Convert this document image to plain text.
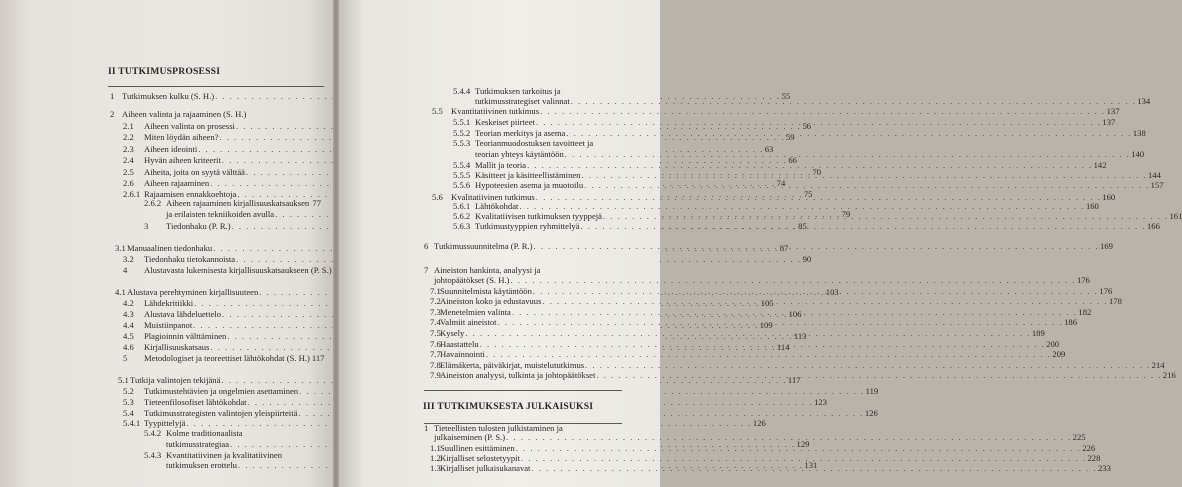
II TUTKIMUSPROSESSI
1 Tutkimuksen kulku (S. H.) . . .	55
2 Aiheen valinta ja rajaaminen (S. H.)
2.1	Aiheen valinta on prosessi . . .	56
2.2	Miten löydän aiheen? . . .	59
2.3	Aiheen ideointi . . .	63
2.4	Hyvän aiheen kriteerit . . .	66
2.5	Aiheita, joita on syytä välttää . . .	70
2.6	Aiheen rajaaminen . . .	74
2.6.1 Rajaamisen ennakkoehtoja . . .	75
2.6.2 Aiheen rajaaminen kirjallisuuskatsauksen . . . 77
ja erilaisten tekniikoiden avulla . . .	79
3	Tiedonhaku (P. R.) . . .	85
3.1 Manuaalinen tiedonhaku . . .	87
3.2	Tiedonhaku tietokannoista . . .	90
4	Alustavasta lukemisesta kirjallisuuskatsaukseen (P. S.)
4.1 Alustava perehtyminen kirjallisuuteen . . .	103
4.2	Lähdekritiikki . . .	105
4.3	Alustava lähdeluettelo . . .	106
4.4	Muistiinpanot . . .	109
4.5	Plagioinnin välttäminen . . .	113
4.6	Kirjallisuuskatsaus . . .	114
5	Metodologiset ja teoreettiset lähtökohdat (S. H.) 117
5.1 Tutkija valintojen tekijänä . . .	117
5.2	Tutkimustehtävien ja ongelmien asettaminen . . .	119
5.3	Tieteenfilosofiset lähtökohdat . . .	123
5.4	Tutkimusstrategisten valintojen yleispiirteitä . . .	126
5.4.1 Tyypittelyjä . . .	126
5.4.2 Kolme traditionaalista
tutkimusstrategiaa . . .	129
5.4.3 Kvantitatiivinen ja kvalitatiivinen
tutkimuksen erottelu . . .	131
III TUTKIMUKSESTA JULKAISUKSI
5.4.4 Tutkimuksen tarkoitus ja
tutkimusstrategiset valinnat . . .	134
5.5 Kvantitatiivinen tutkimus . . .	137
5.5.1 Keskeiset piirteet . . .	137
5.5.2 Teorian merkitys ja asema . . .	138
5.5.3 Teorianmuodostuksen tavoitteet ja
teorian yhteys käytäntöön . . .	140
5.5.4 Mallit ja teoria . . .	142
5.5.5 Käsitteet ja käsitteellistäminen . . .	144
5.5.6 Hypoteesien asema ja muotoilu . . .	157
5.6 Kvalitatiivinen tutkimus . . .	160
5.6.1 Lähtökohdat . . .	160
5.6.2 Kvalitatiivisen tutkimuksen tyyppejä . . .	161
5.6.3 Tutkimustyyppien ryhmittelyä . . .	166
6 Tutkimussuunnitelma (P. R.) . . .	169
7 Aineiston hankinta, analyysi ja
johtopäätökset (S. H.) . . .	176
7.1 Suunnitelmista käytäntöön . . .	176
7.2 Aineiston koko ja edustavuus . . .	178
7.3 Menetelmien valinta . . .	182
7.4 Valmiit aineistot . . .	186
7.5 Kysely . . .	189
7.6 Haastattelu . . .	200
7.7 Havainnointi . . .	209
7.8 Elämäkerta, päiväkirjat, muistelututkimus . . .	214
7.9 Aineiston analyysi, tulkinta ja johtopäätökset . . .	216
1 Tieteellisten tulosten julkistaminen ja
julkaiseminen (P. S.) . . .	225
1.1 Suullinen esittäminen . . .	226
1.2 Kirjalliset selostetyypit . . .	228
1.3 Kirjalliset julkaisukanavat . . .	233
